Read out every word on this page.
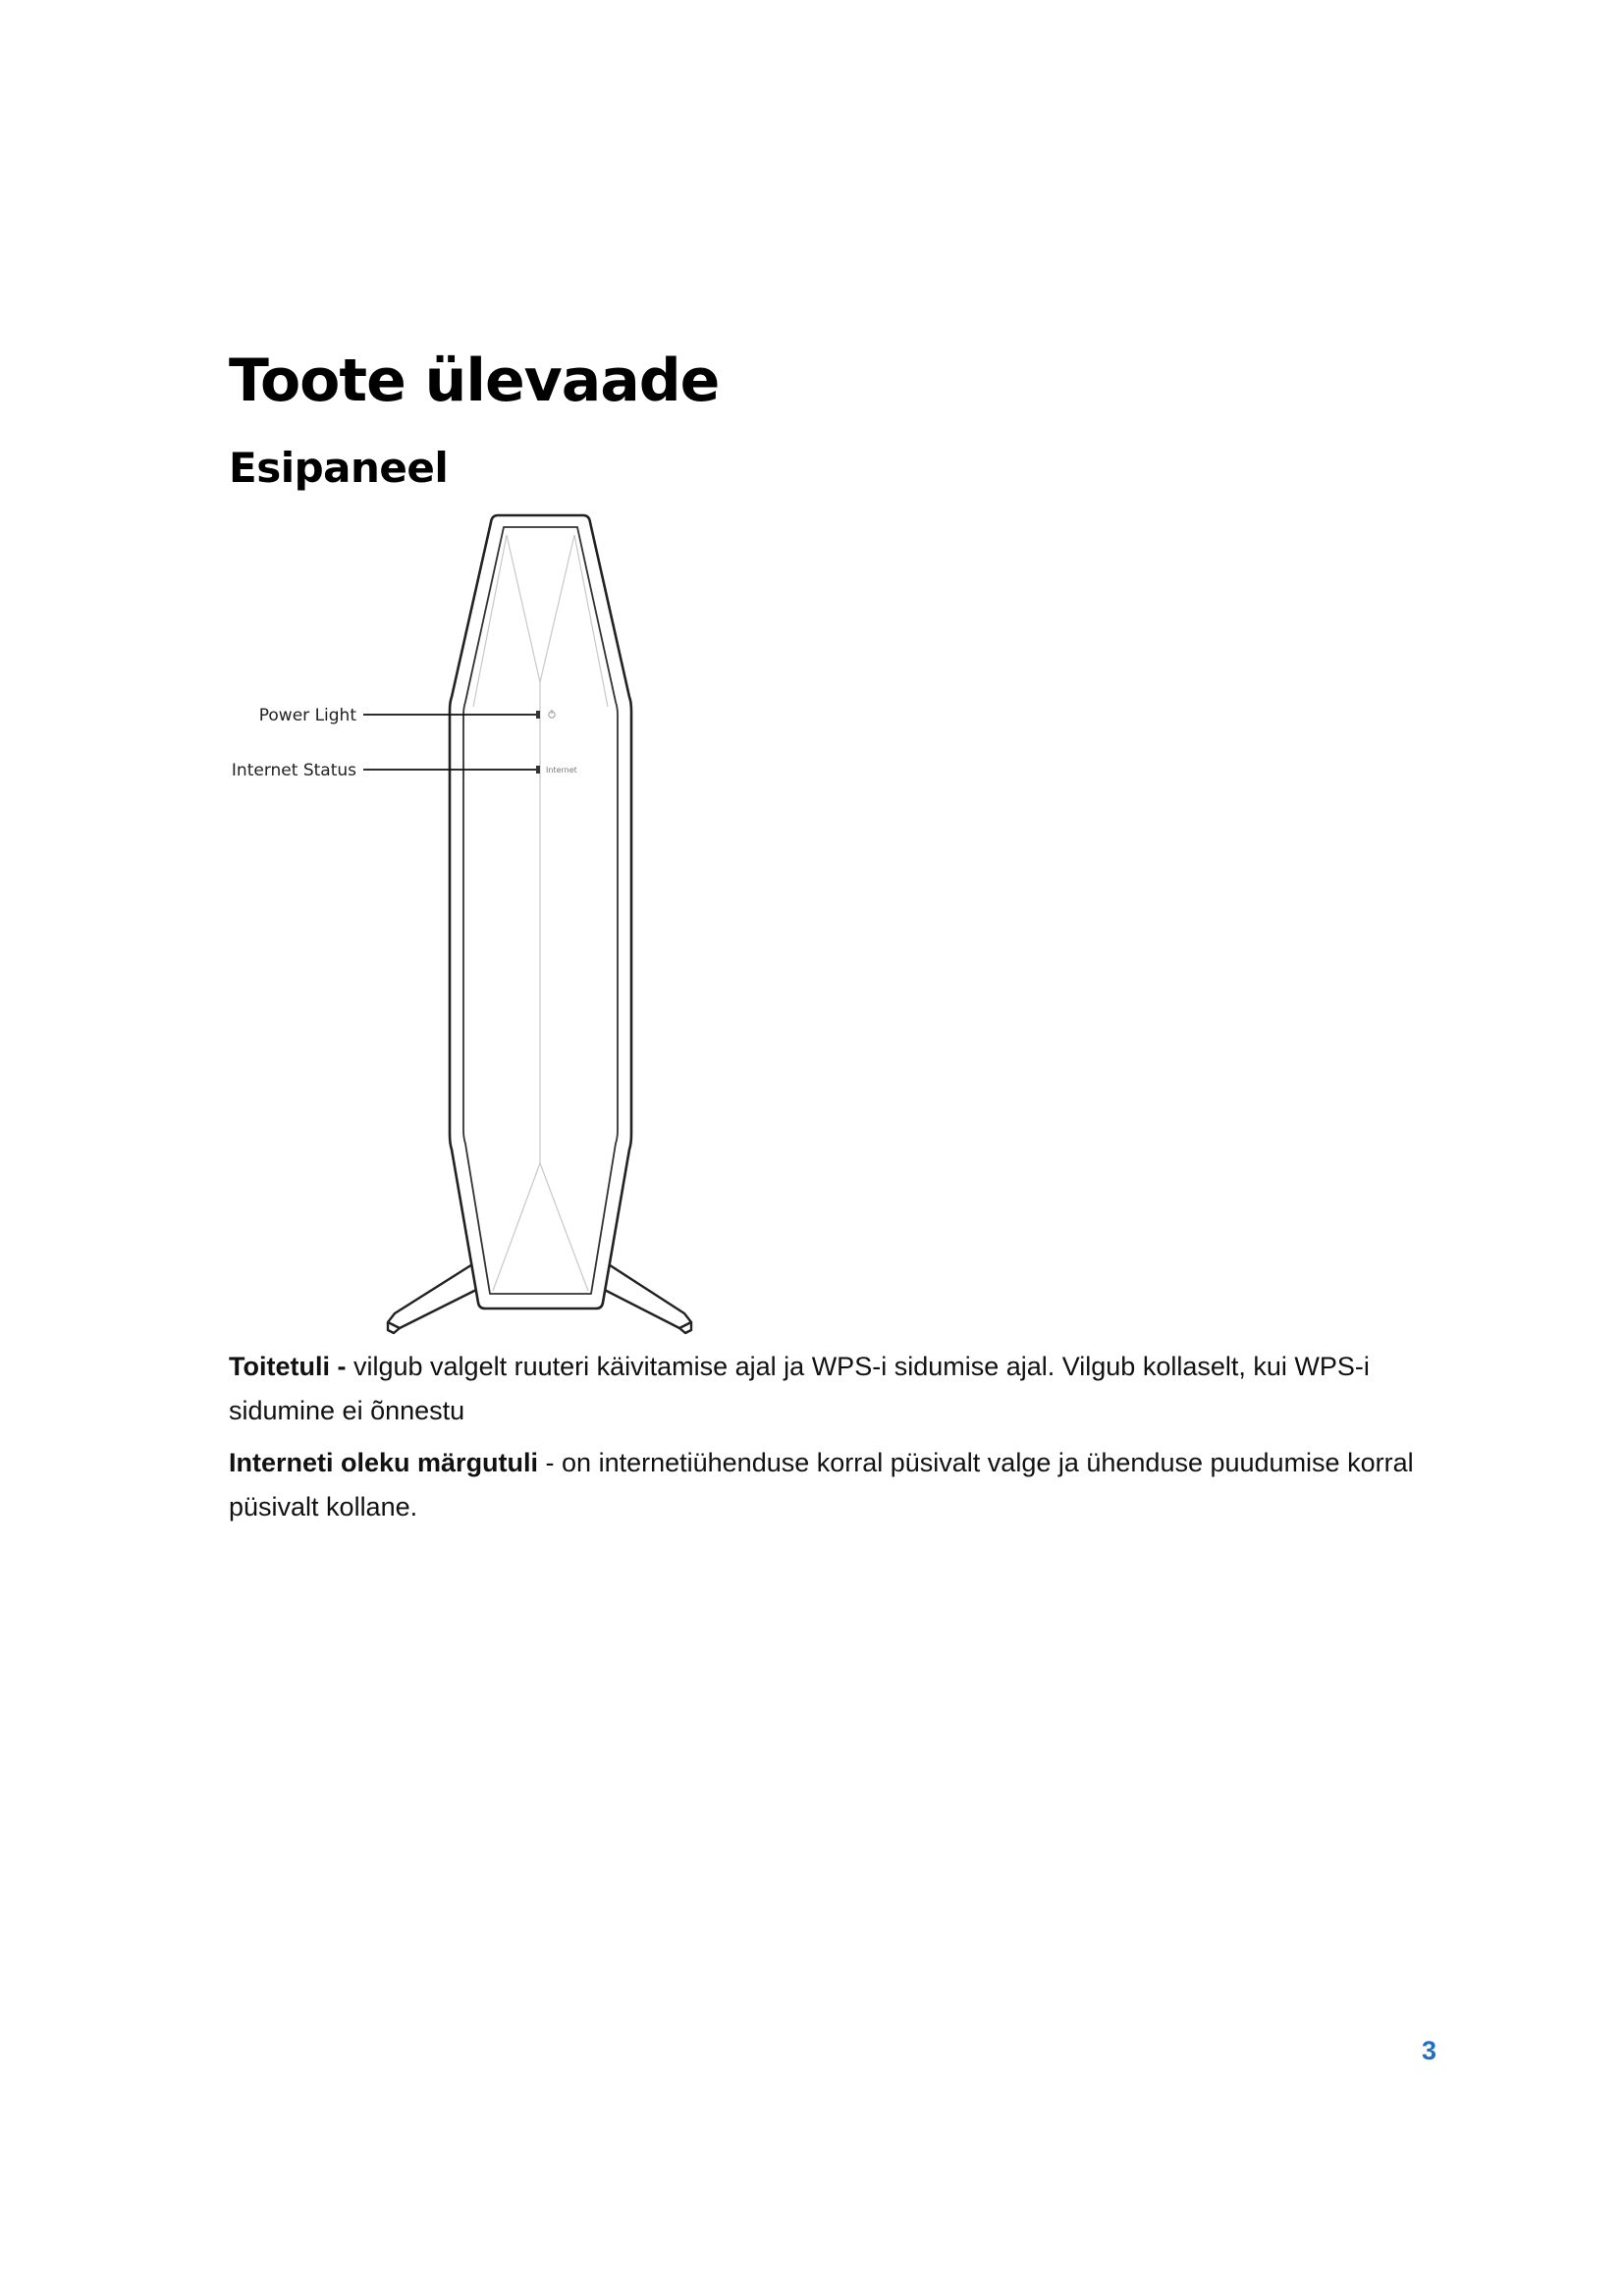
Toote ülevaade
Esipaneel
Internet
Power Light
Internet Status

Toitetuli - vilgub valgelt ruuteri käivitamise ajal ja WPS-i sidumise ajal. Vilgub kollaselt, kui WPS-i sidumine ei õnnestu

Interneti oleku märgutuli - on internetiühenduse korral püsivalt valge ja ühenduse puudumise korral püsivalt kollane.

3
